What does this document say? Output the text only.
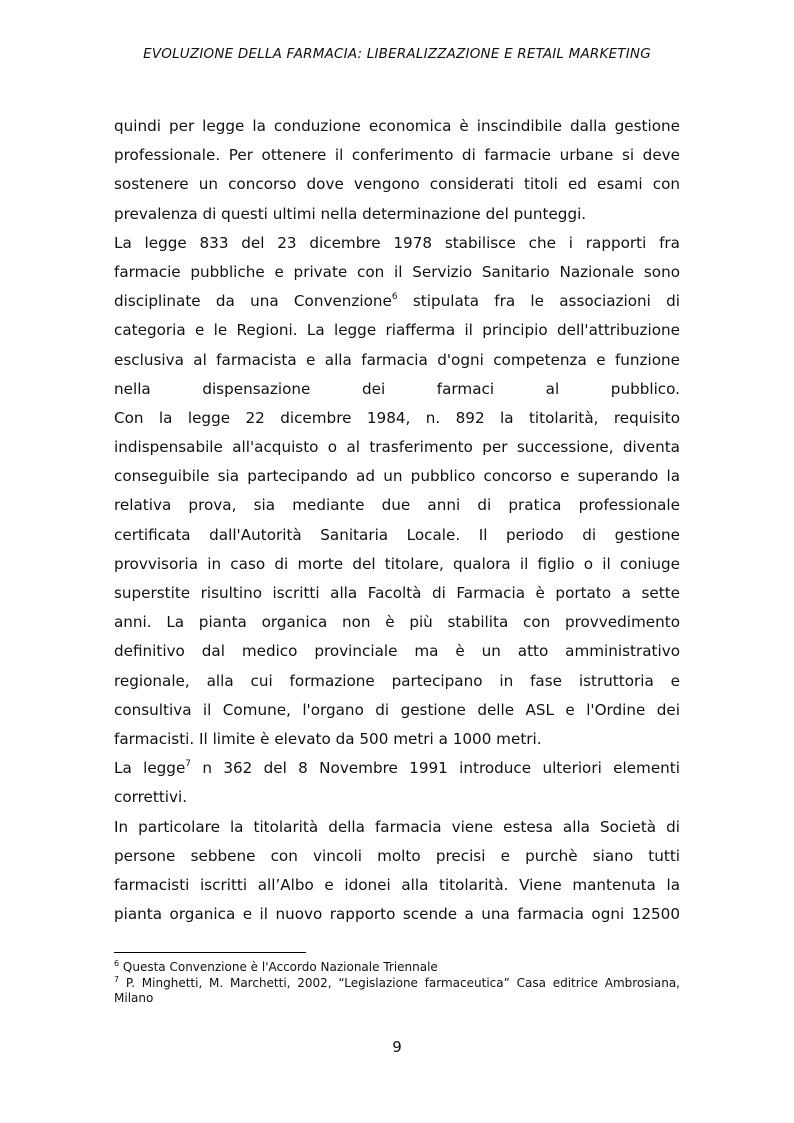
EVOLUZIONE DELLA FARMACIA: LIBERALIZZAZIONE E RETAIL MARKETING
quindi per legge la conduzione economica è inscindibile dalla gestione
professionale. Per ottenere il conferimento di farmacie urbane si deve
sostenere un concorso dove vengono considerati titoli ed esami con
prevalenza di questi ultimi nella determinazione del punteggi.
La legge 833 del 23 dicembre 1978 stabilisce che i rapporti fra
farmacie pubbliche e private con il Servizio Sanitario Nazionale sono
disciplinate da una Convenzione$^6$ stipulata fra le associazioni di
categoria e le Regioni. La legge riafferma il principio dell'attribuzione
esclusiva al farmacista e alla farmacia d'ogni competenza e funzione
nella dispensazione dei farmaci al pubblico.
Con la legge 22 dicembre 1984, n. 892 la titolarità, requisito
indispensabile all'acquisto o al trasferimento per successione, diventa
conseguibile sia partecipando ad un pubblico concorso e superando la
relativa prova, sia mediante due anni di pratica professionale
certificata dall'Autorità Sanitaria Locale. Il periodo di gestione
provvisoria in caso di morte del titolare, qualora il figlio o il coniuge
superstite risultino iscritti alla Facoltà di Farmacia è portato a sette
anni. La pianta organica non è più stabilita con provvedimento
definitivo dal medico provinciale ma è un atto amministrativo
regionale, alla cui formazione partecipano in fase istruttoria e
consultiva il Comune, l'organo di gestione delle ASL e l'Ordine dei
farmacisti. Il limite è elevato da 500 metri a 1000 metri.
La legge$^7$ n 362 del 8 Novembre 1991 introduce ulteriori elementi
correttivi.
In particolare la titolarità della farmacia viene estesa alla Società di
persone sebbene con vincoli molto precisi e purchè siano tutti
farmacisti iscritti all’Albo e idonei alla titolarità. Viene mantenuta la
pianta organica e il nuovo rapporto scende a una farmacia ogni 12500

$^6$ Questa Convenzione è l'Accordo Nazionale Triennale

$^7$ P. Minghetti, M. Marchetti, 2002, “Legislazione farmaceutica” Casa editrice Ambrosiana, Milano

9
